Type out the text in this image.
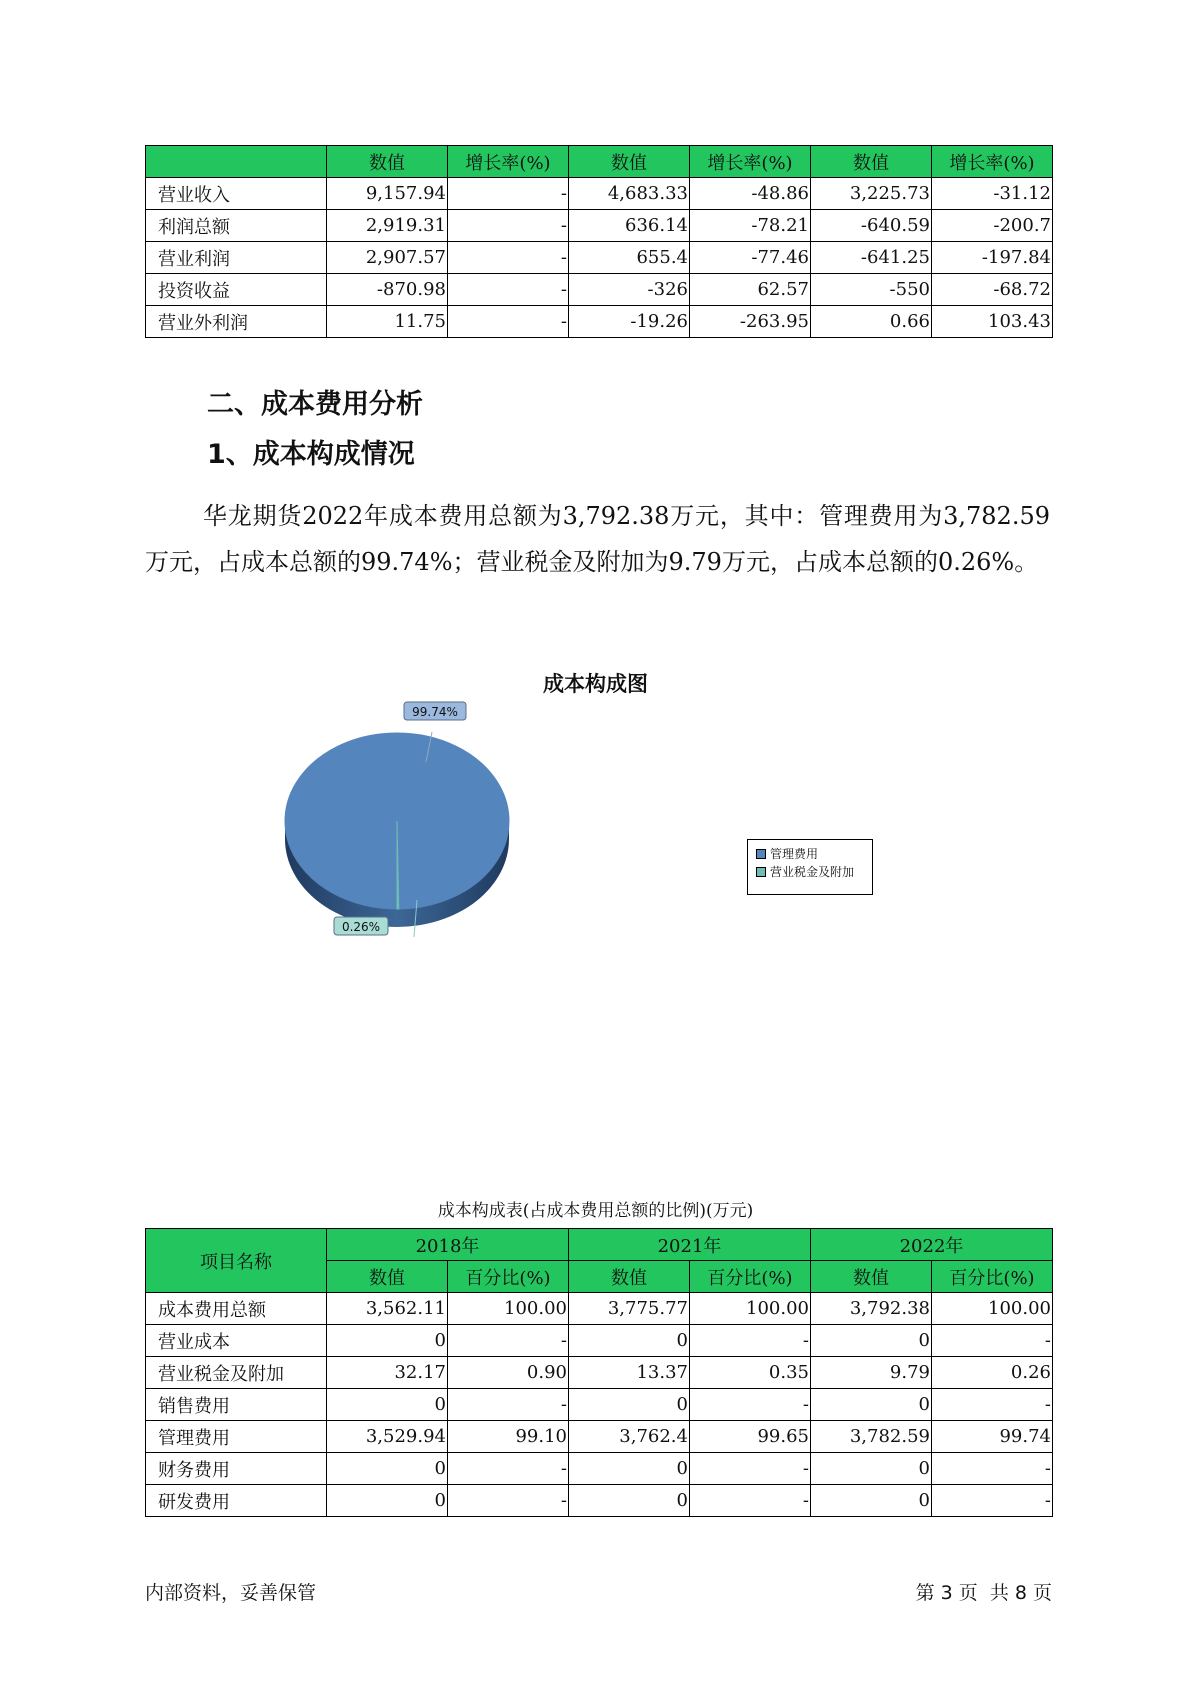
	数值	增长率(%)	数值	增长率(%)	数值	增长率(%)
营业收入	9,157.94	-	4,683.33	-48.86	3,225.73	-31.12
利润总额	2,919.31	-	636.14	-78.21	-640.59	-200.7
营业利润	2,907.57	-	655.4	-77.46	-641.25	-197.84
投资收益	-870.98	-	-326	62.57	-550	-68.72
营业外利润	11.75	-	-19.26	-263.95	0.66	103.43
二、成本费用分析
1、成本构成情况

华龙期货2022年成本费用总额为3,792.38万元，其中：管理费用为3,782.59万元，占成本总额的99.74%；营业税金及附加为9.79万元，占成本总额的0.26%。

成本构成图
99.74%
0.26%
管理费用
营业税金及附加
成本构成表(占成本费用总额的比例)(万元)
项目名称	2018年		2021年		2022年	
	数值	百分比(%)	数值	百分比(%)	数值	百分比(%)
成本费用总额	3,562.11	100.00	3,775.77	100.00	3,792.38	100.00
营业成本	0	-	0	-	0	-
营业税金及附加	32.17	0.90	13.37	0.35	9.79	0.26
销售费用	0	-	0	-	0	-
管理费用	3,529.94	99.10	3,762.4	99.65	3,782.59	99.74
财务费用	0	-	0	-	0	-
研发费用	0	-	0	-	0	-
内部资料，妥善保管	第 3 页  共 8 页
